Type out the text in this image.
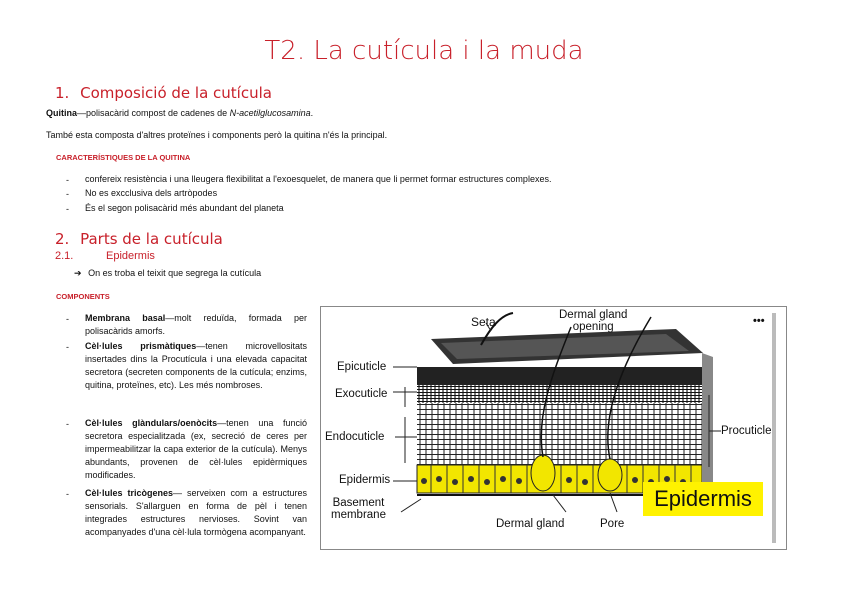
T2. La cutícula i la muda
1. Composició de la cutícula
Quitina—polisacàrid compost de cadenes de N-acetilglucosamina.
També esta composta d'altres proteïnes i components però la quitina n'és la principal.
CARACTERÍSTIQUES DE LA QUITINA
- confereix resistència i una lleugera flexibilitat a l'exoesquelet, de manera que li permet formar estructures complexes.
- No es excclusiva dels artròpodes
- És el segon polisacàrid més abundant del planeta
2. Parts de la cutícula
2.1.	Epidermis
➔ On es troba el teixit que segrega la cutícula
COMPONENTS
- Membrana basal—molt reduïda, formada per polisacàrids amorfs.
- Cèl·lules prismàtiques—tenen microvellositats insertades dins la Procutícula i una elevada capacitat secretora (secreten components de la cutícula; enzims, quitina, proteïnes, etc). Les més nombroses.
- Cèl·lules glàndulars/oenòcits—tenen una funció secretora especialitzada (ex, secreció de ceres per impermeabilitzar la capa exterior de la cutícula). Menys abundants, provenen de cèl·lules epidèrmiques modificades.
- Cèl·lules tricògenes— serveixen com a estructures sensorials. S'allarguen en forma de pèl i tenen integrades estructures nervioses. Sovint van acompanyades d'una cèl·lula tormògena acompanyant.
Seta	Dermal gland
opening
Epicuticle
Exocuticle
Endocuticle
Epidermis
Basement
membrane
Dermal gland	Pore
Procuticle
•••
Epidermis
